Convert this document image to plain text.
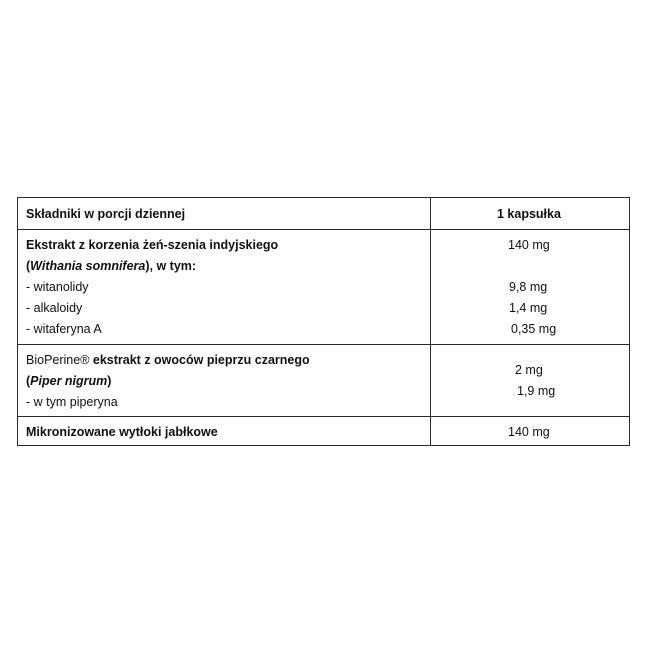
Składniki w porcji dziennej	1 kapsułka
Ekstrakt z korzenia żeń-szenia indyjskiego
(Withania somnifera), w tym:
- witanolidy
- alkaloidy
- witaferyna A
140 mg
9,8 mg
1,4 mg
0,35 mg
BioPerine® ekstrakt z owoców pieprzu czarnego
(Piper nigrum)
- w tym piperyna
2 mg
1,9 mg
Mikronizowane wytłoki jabłkowe	140 mg
